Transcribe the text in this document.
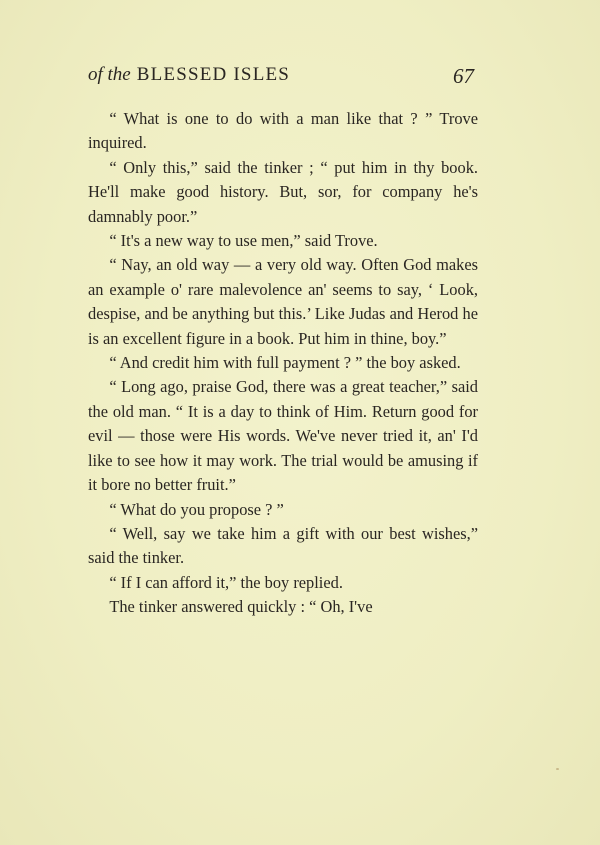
of the BLESSED ISLES	67

“ What is one to do with a man like that ? ” Trove inquired.

“ Only this,” said the tinker ; “ put him in thy book. He'll make good history. But, sor, for company he's damnably poor.”

“ It's a new way to use men,” said Trove.

“ Nay, an old way — a very old way. Often God makes an example o' rare malevolence an' seems to say, ‘ Look, despise, and be anything but this.’ Like Judas and Herod he is an excellent figure in a book. Put him in thine, boy.”

“ And credit him with full payment ? ” the boy asked.

“ Long ago, praise God, there was a great teacher,” said the old man. “ It is a day to think of Him. Return good for evil — those were His words. We've never tried it, an' I'd like to see how it may work. The trial would be amusing if it bore no better fruit.”

“ What do you propose ? ”

“ Well, say we take him a gift with our best wishes,” said the tinker.

“ If I can afford it,” the boy replied.

The tinker answered quickly : “ Oh, I've
